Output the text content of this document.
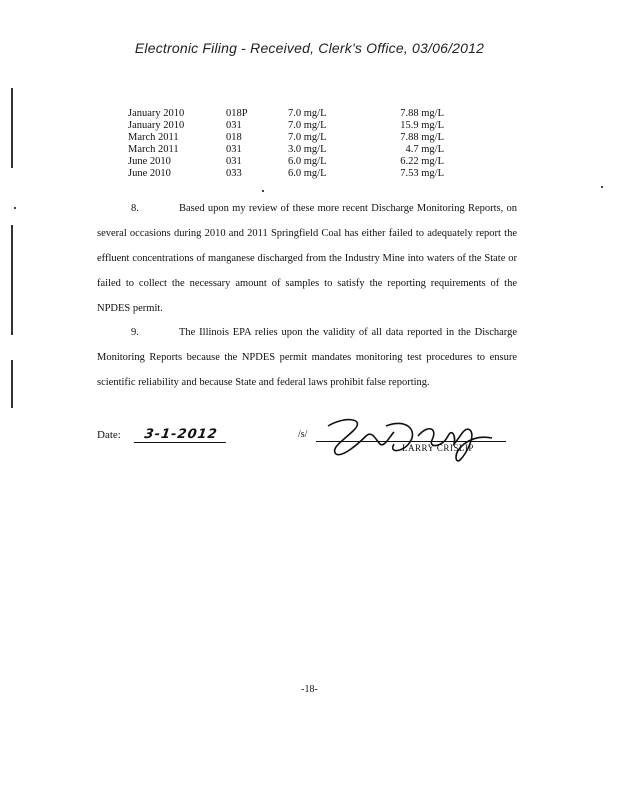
Electronic Filing - Received, Clerk's Office, 03/06/2012
January 2010	018P	7.0 mg/L	7.88 mg/L
January 2010	031	7.0 mg/L	15.9 mg/L
March 2011	018	7.0 mg/L	7.88 mg/L
March 2011	031	3.0 mg/L	4.7 mg/L
June 2010	031	6.0 mg/L	6.22 mg/L
June 2010	033	6.0 mg/L	7.53 mg/L
8.	Based upon my review of these more recent Discharge Monitoring Reports, on several occasions during 2010 and 2011 Springfield Coal has either failed to adequately report the effluent concentrations of manganese discharged from the Industry Mine into waters of the State or failed to collect the necessary amount of samples to satisfy the reporting requirements of the NPDES permit.
9.	The Illinois EPA relies upon the validity of all data reported in the Discharge Monitoring Reports because the NPDES permit mandates monitoring test procedures to ensure scientific reliability and because State and federal laws prohibit false reporting.
Date: 3-1-2012	/s/
LARRY CRISLIP
-18-
